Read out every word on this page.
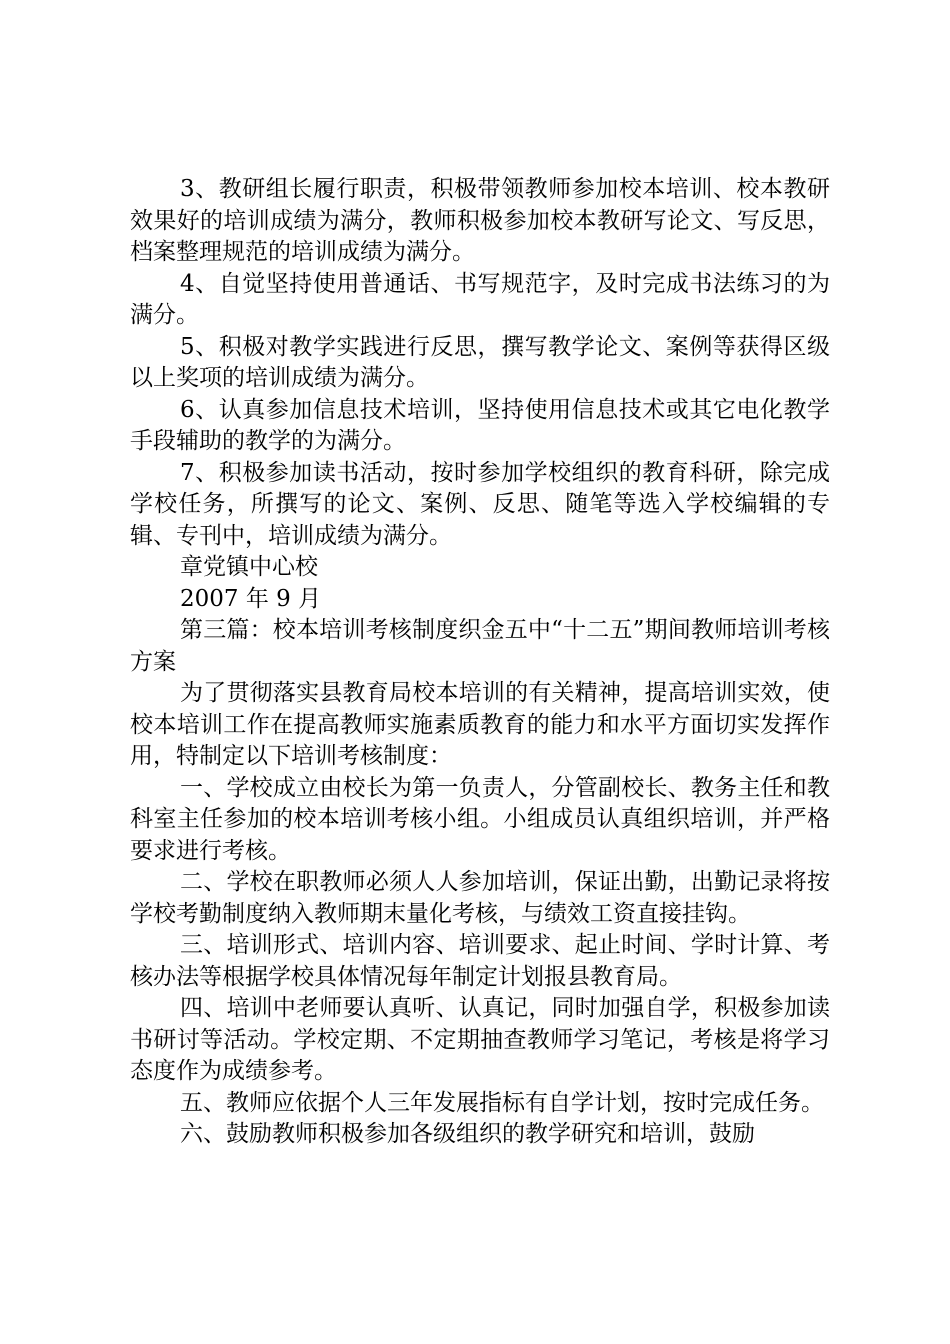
3、教研组长履行职责，积极带领教师参加校本培训、校本教研效果好的培训成绩为满分，教师积极参加校本教研写论文、写反思，档案整理规范的培训成绩为满分。

4、自觉坚持使用普通话、书写规范字，及时完成书法练习的为满分。

5、积极对教学实践进行反思，撰写教学论文、案例等获得区级以上奖项的培训成绩为满分。

6、认真参加信息技术培训，坚持使用信息技术或其它电化教学手段辅助的教学的为满分。

7、积极参加读书活动，按时参加学校组织的教育科研，除完成学校任务，所撰写的论文、案例、反思、随笔等选入学校编辑的专辑、专刊中，培训成绩为满分。

章党镇中心校

2007 年 9 月

第三篇：校本培训考核制度织金五中“十二五”期间教师培训考核方案

为了贯彻落实县教育局校本培训的有关精神，提高培训实效，使校本培训工作在提高教师实施素质教育的能力和水平方面切实发挥作用，特制定以下培训考核制度：

一、学校成立由校长为第一负责人，分管副校长、教务主任和教科室主任参加的校本培训考核小组。小组成员认真组织培训，并严格要求进行考核。

二、学校在职教师必须人人参加培训，保证出勤，出勤记录将按学校考勤制度纳入教师期末量化考核，与绩效工资直接挂钩。

三、培训形式、培训内容、培训要求、起止时间、学时计算、考核办法等根据学校具体情况每年制定计划报县教育局。

四、培训中老师要认真听、认真记，同时加强自学，积极参加读书研讨等活动。学校定期、不定期抽查教师学习笔记，考核是将学习态度作为成绩参考。

五、教师应依据个人三年发展指标有自学计划，按时完成任务。

六、鼓励教师积极参加各级组织的教学研究和培训，鼓励
